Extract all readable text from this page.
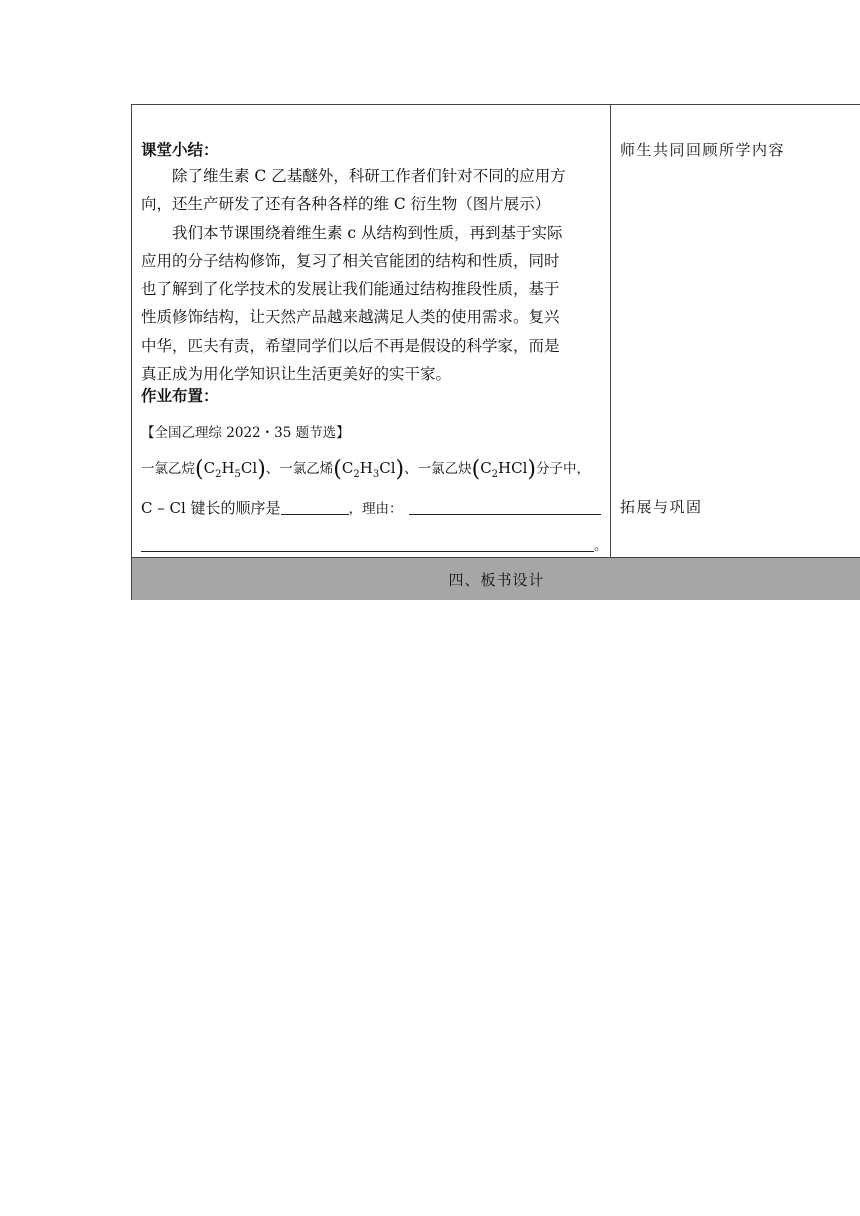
课堂小结：
除了维生素 C 乙基醚外，科研工作者们针对不同的应用方
向，还生产研发了还有各种各样的维 C 衍生物（图片展示）
我们本节课围绕着维生素 c 从结构到性质，再到基于实际
应用的分子结构修饰，复习了相关官能团的结构和性质，同时
也了解到了化学技术的发展让我们能通过结构推段性质，基于
性质修饰结构，让天然产品越来越满足人类的使用需求。复兴
中华，匹夫有责，希望同学们以后不再是假设的科学家，而是
真正成为用化学知识让生活更美好的实干家。
作业布置：
【全国乙理综 2022・35 题节选】
一氯乙烷$(C_2H_5Cl)$、一氯乙烯$(C_2H_3Cl)$、一氯乙炔$(C_2HCl)$分子中，
C – Cl 键长的顺序是	，理由：
。
师生共同回顾所学内容
拓展与巩固
四、板书设计
